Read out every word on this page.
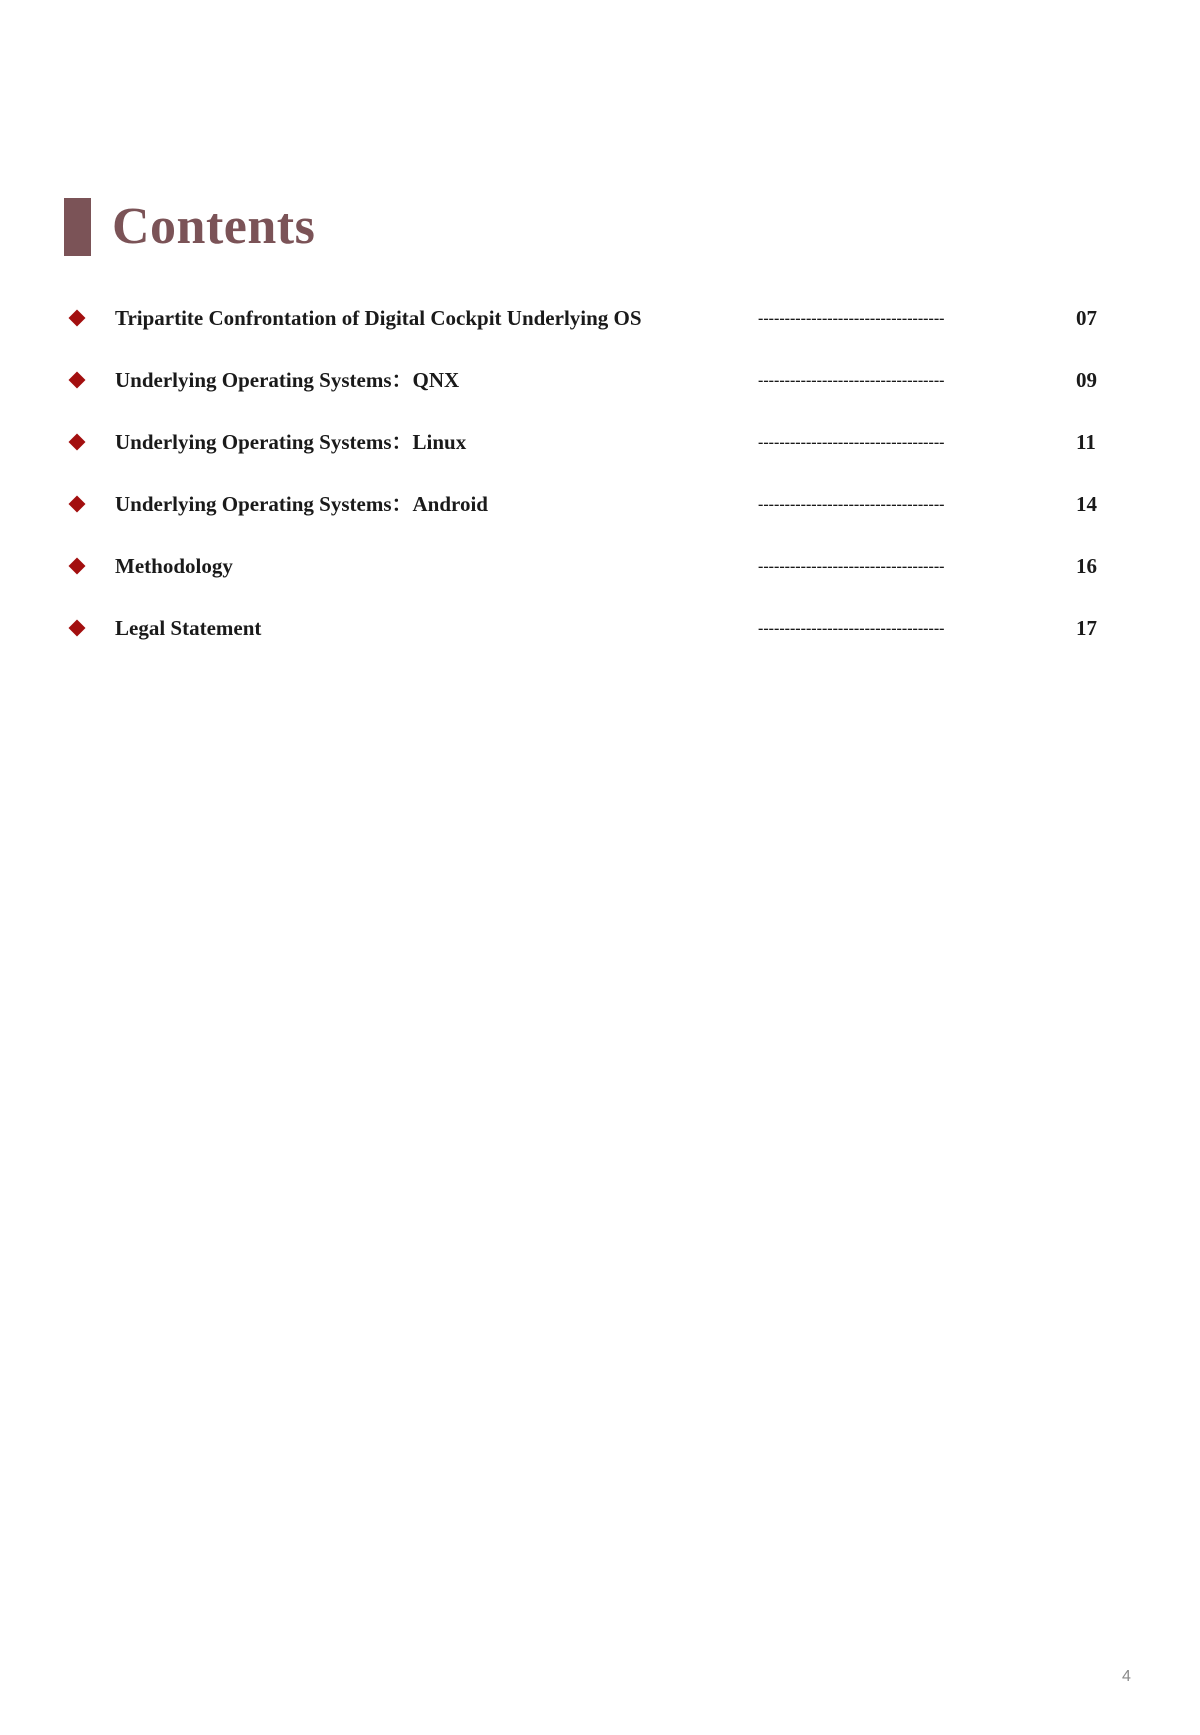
Contents
Tripartite Confrontation of Digital Cockpit Underlying OS	-----------------------------------	07
Underlying Operating Systems：QNX	-----------------------------------	09
Underlying Operating Systems：Linux	-----------------------------------	11
Underlying Operating Systems：Android	-----------------------------------	14
Methodology	-----------------------------------	16
Legal Statement	-----------------------------------	17
4
